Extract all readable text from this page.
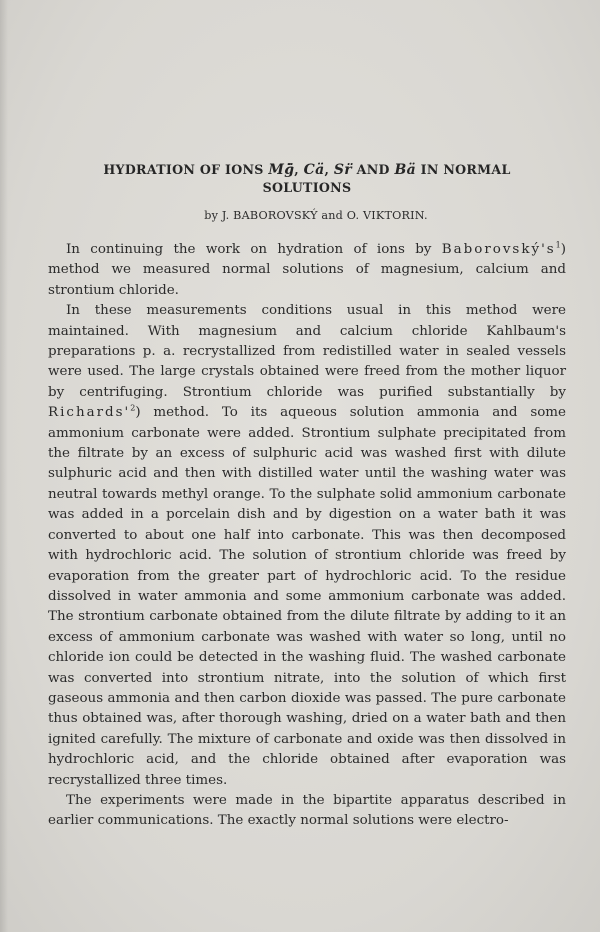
HYDRATION OF IONS Mg̈̇, Cä, Sr̈ AND Bä IN NORMAL SOLUTIONS
by J. BABOROVSKÝ and O. VIKTORIN.

In continuing the work on hydration of ions by $Baborovský's^1$) method we measured normal solutions of magnesium, calcium and strontium chloride.

In these measurements conditions usual in this method were maintained. With magnesium and calcium chloride Kahlbaum's preparations p. a. recrystallized from redistilled water in sealed vessels were used. The large crystals obtained were freed from the mother liquor by centrifuging. Strontium chloride was purified substantially by $Richards'^2$) method. To its aqueous solution ammonia and some ammonium carbonate were added. Strontium sulphate precipitated from the filtrate by an excess of sulphuric acid was washed first with dilute sulphuric acid and then with distilled water until the washing water was neutral towards methyl orange. To the sulphate solid ammonium carbonate was added in a porcelain dish and by digestion on a water bath it was converted to about one half into carbonate. This was then decomposed with hydrochloric acid. The solution of strontium chloride was freed by evaporation from the greater part of hydrochloric acid. To the residue dissolved in water ammonia and some ammonium carbonate was added. The strontium carbonate obtained from the dilute filtrate by adding to it an excess of ammonium carbonate was washed with water so long, until no chloride ion could be detected in the washing fluid. The washed carbonate was converted into strontium nitrate, into the solution of which first gaseous ammonia and then carbon dioxide was passed. The pure carbonate thus obtained was, after thorough washing, dried on a water bath and then ignited carefully. The mixture of carbonate and oxide was then dissolved in hydrochloric acid, and the chloride obtained after evaporation was recrystallized three times.

The experiments were made in the bipartite apparatus described in earlier communications. The exactly normal solutions were electro-
